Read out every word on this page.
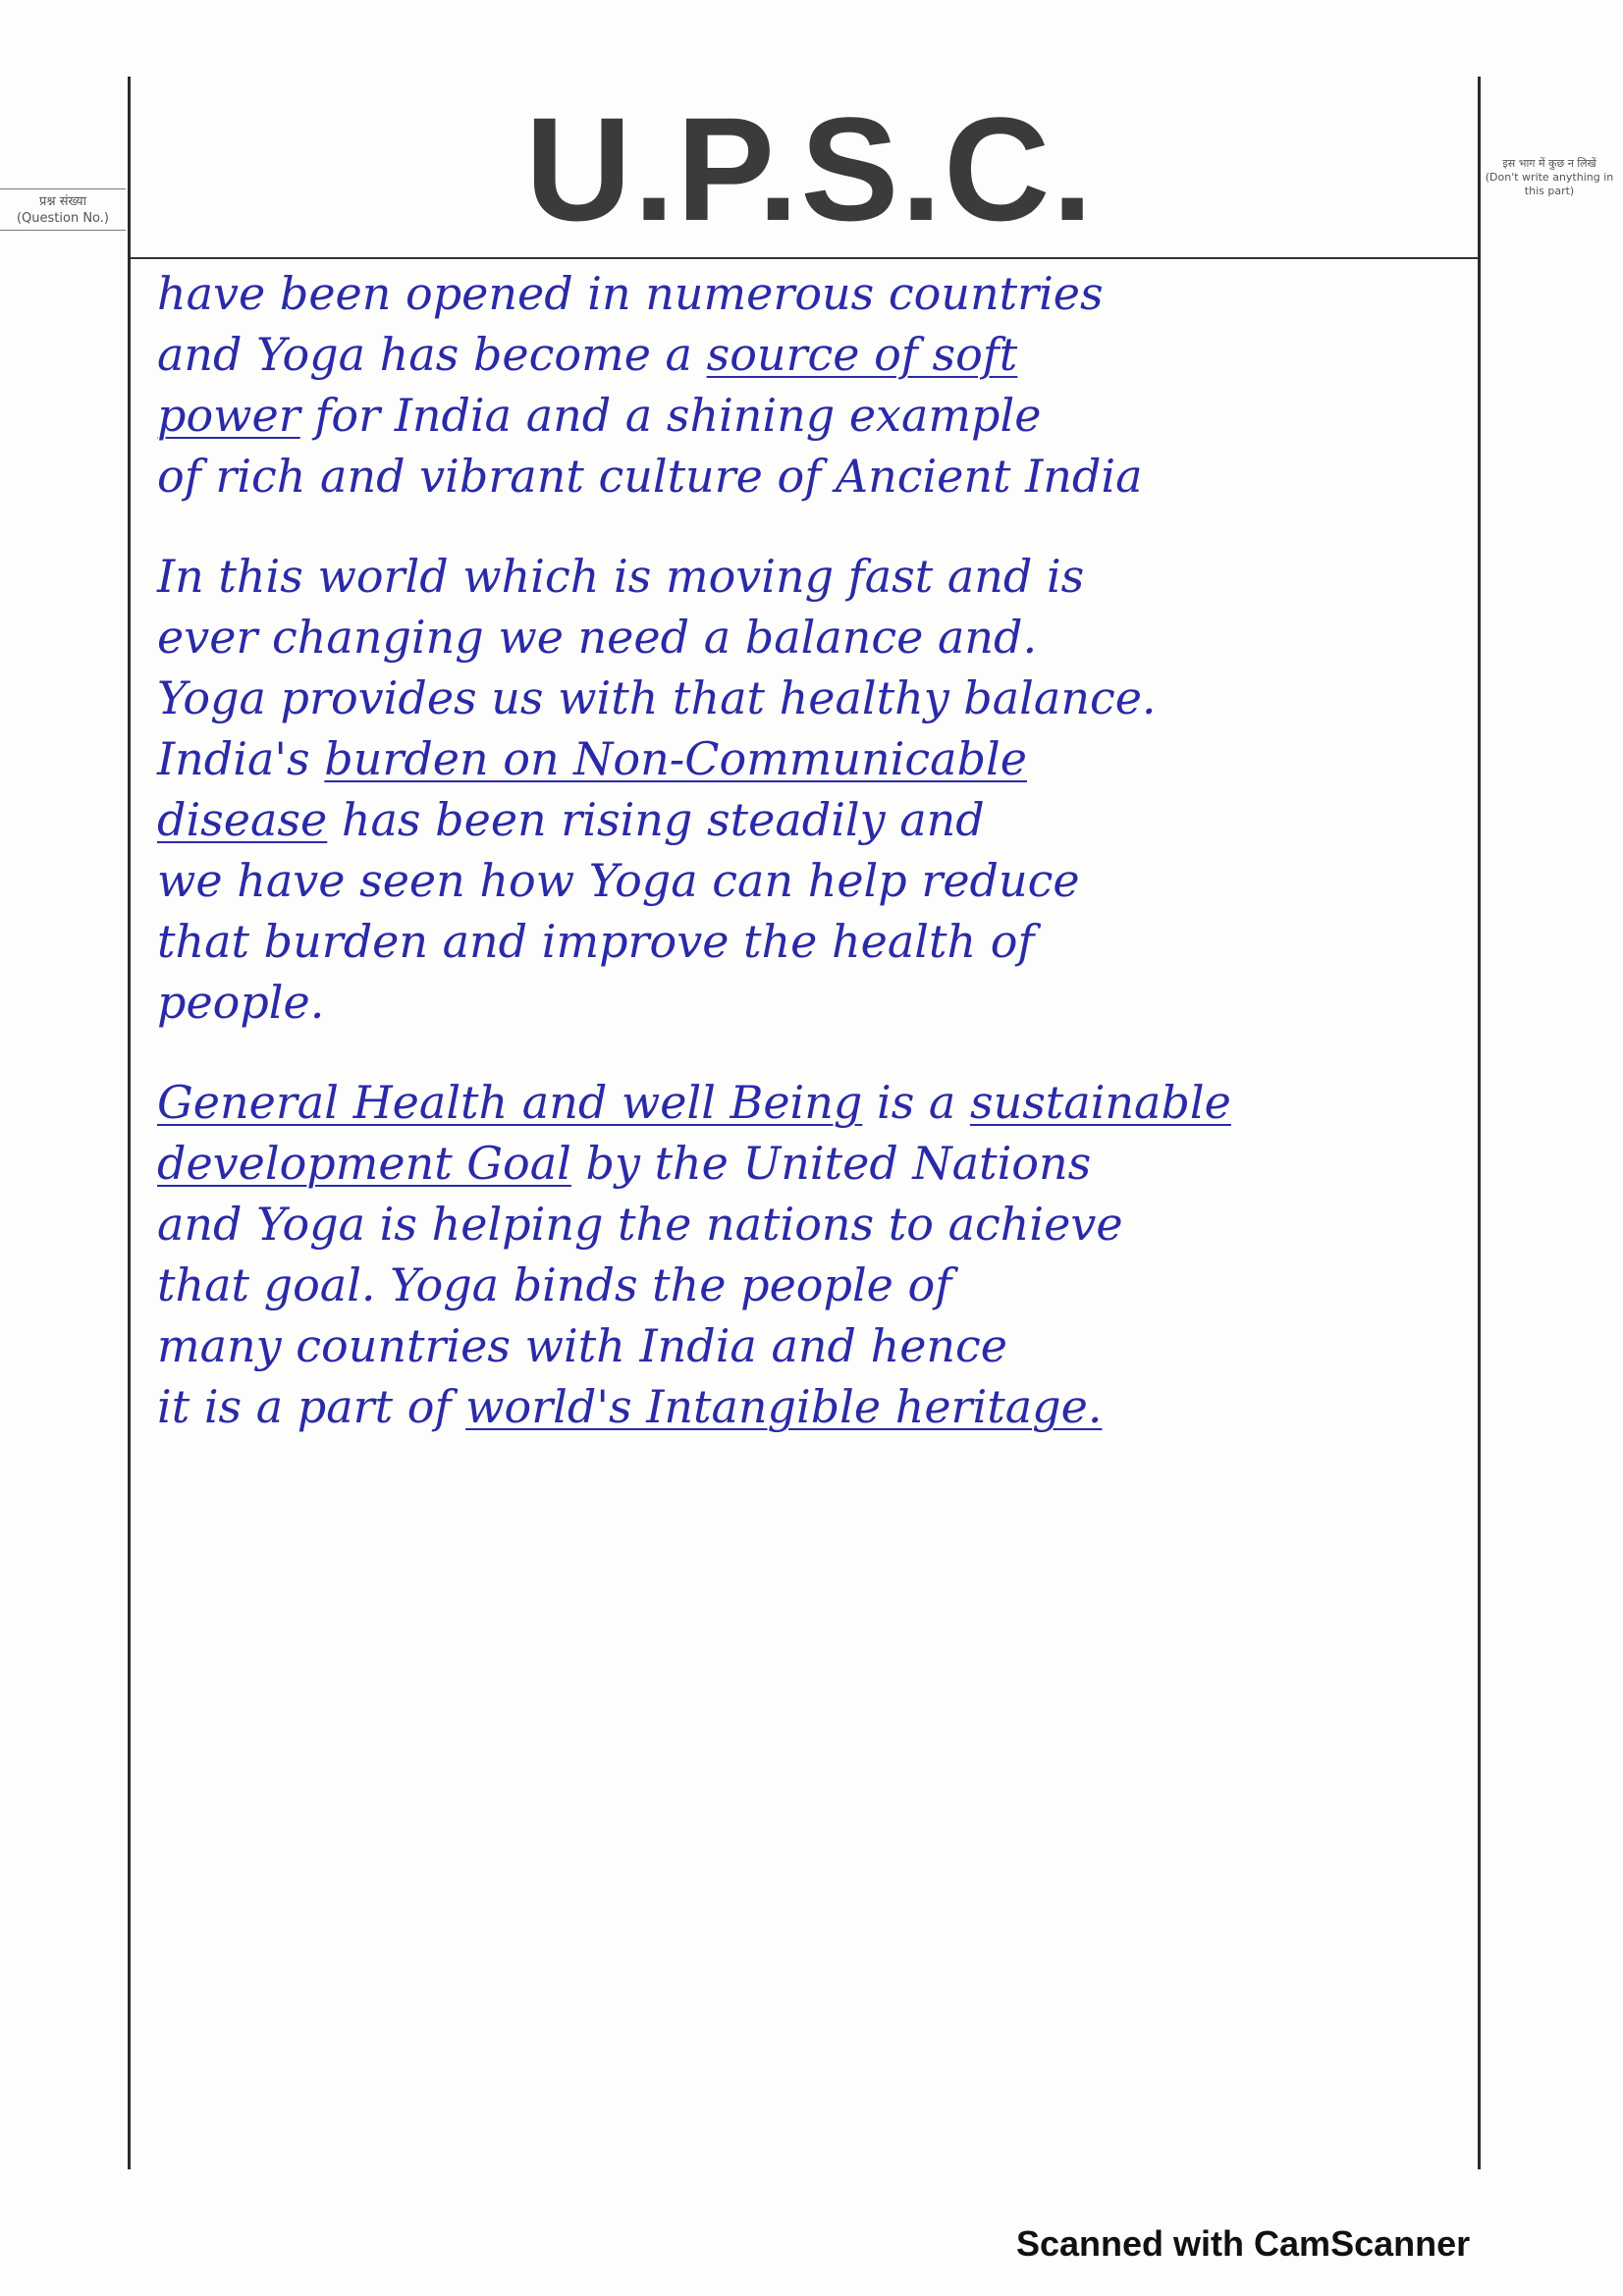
U.P.S.C.
प्रश्न संख्या
(Question No.)
इस भाग में कुछ न लिखें
(Don't write anything in this part)
have been opened in numerous countries
and Yoga has become a source of soft
power for India and a shining example
of rich and vibrant culture of Ancient India
In this world which is moving fast and is
ever changing we need a balance and.
Yoga provides us with that healthy balance.
India's burden on Non-Communicable
disease has been rising steadily and
we have seen how Yoga can help reduce
that burden and improve the health of
people.
General Health and well Being is a sustainable
development Goal by the United Nations
and Yoga is helping the nations to achieve
that goal. Yoga binds the people of
many countries with India and hence
it is a part of world's Intangible heritage.
Scanned with CamScanner
